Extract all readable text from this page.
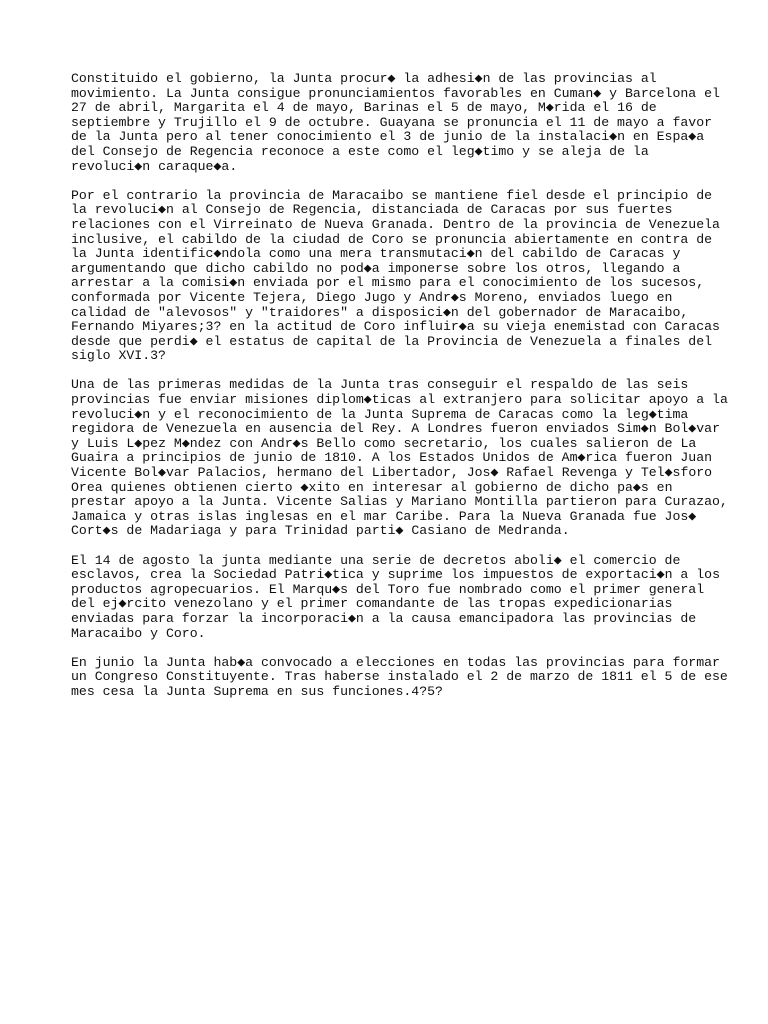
Constituido el gobierno, la Junta procur◆ la adhesi◆n de las provincias al
movimiento. La Junta consigue pronunciamientos favorables en Cuman◆ y Barcelona el
27 de abril, Margarita el 4 de mayo, Barinas el 5 de mayo, M◆rida el 16 de
septiembre y Trujillo el 9 de octubre. Guayana se pronuncia el 11 de mayo a favor
de la Junta pero al tener conocimiento el 3 de junio de la instalaci◆n en Espa◆a
del Consejo de Regencia reconoce a este como el leg◆timo y se aleja de la
revoluci◆n caraque◆a.

Por el contrario la provincia de Maracaibo se mantiene fiel desde el principio de
la revoluci◆n al Consejo de Regencia, distanciada de Caracas por sus fuertes
relaciones con el Virreinato de Nueva Granada. Dentro de la provincia de Venezuela
inclusive, el cabildo de la ciudad de Coro se pronuncia abiertamente en contra de
la Junta identific◆ndola como una mera transmutaci◆n del cabildo de Caracas y
argumentando que dicho cabildo no pod◆a imponerse sobre los otros, llegando a
arrestar a la comisi◆n enviada por el mismo para el conocimiento de los sucesos,
conformada por Vicente Tejera, Diego Jugo y Andr◆s Moreno, enviados luego en
calidad de "alevosos" y "traidores" a disposici◆n del gobernador de Maracaibo,
Fernando Miyares;3? en la actitud de Coro influir◆a su vieja enemistad con Caracas
desde que perdi◆ el estatus de capital de la Provincia de Venezuela a finales del
siglo XVI.3?

Una de las primeras medidas de la Junta tras conseguir el respaldo de las seis
provincias fue enviar misiones diplom◆ticas al extranjero para solicitar apoyo a la
revoluci◆n y el reconocimiento de la Junta Suprema de Caracas como la leg◆tima
regidora de Venezuela en ausencia del Rey. A Londres fueron enviados Sim◆n Bol◆var
y Luis L◆pez M◆ndez con Andr◆s Bello como secretario, los cuales salieron de La
Guaira a principios de junio de 1810. A los Estados Unidos de Am◆rica fueron Juan
Vicente Bol◆var Palacios, hermano del Libertador, Jos◆ Rafael Revenga y Tel◆sforo
Orea quienes obtienen cierto ◆xito en interesar al gobierno de dicho pa◆s en
prestar apoyo a la Junta. Vicente Salias y Mariano Montilla partieron para Curazao,
Jamaica y otras islas inglesas en el mar Caribe. Para la Nueva Granada fue Jos◆
Cort◆s de Madariaga y para Trinidad parti◆ Casiano de Medranda.

El 14 de agosto la junta mediante una serie de decretos aboli◆ el comercio de
esclavos, crea la Sociedad Patri◆tica y suprime los impuestos de exportaci◆n a los
productos agropecuarios. El Marqu◆s del Toro fue nombrado como el primer general
del ej◆rcito venezolano y el primer comandante de las tropas expedicionarias
enviadas para forzar la incorporaci◆n a la causa emancipadora las provincias de
Maracaibo y Coro.

En junio la Junta hab◆a convocado a elecciones en todas las provincias para formar
un Congreso Constituyente. Tras haberse instalado el 2 de marzo de 1811 el 5 de ese
mes cesa la Junta Suprema en sus funciones.4?5?
